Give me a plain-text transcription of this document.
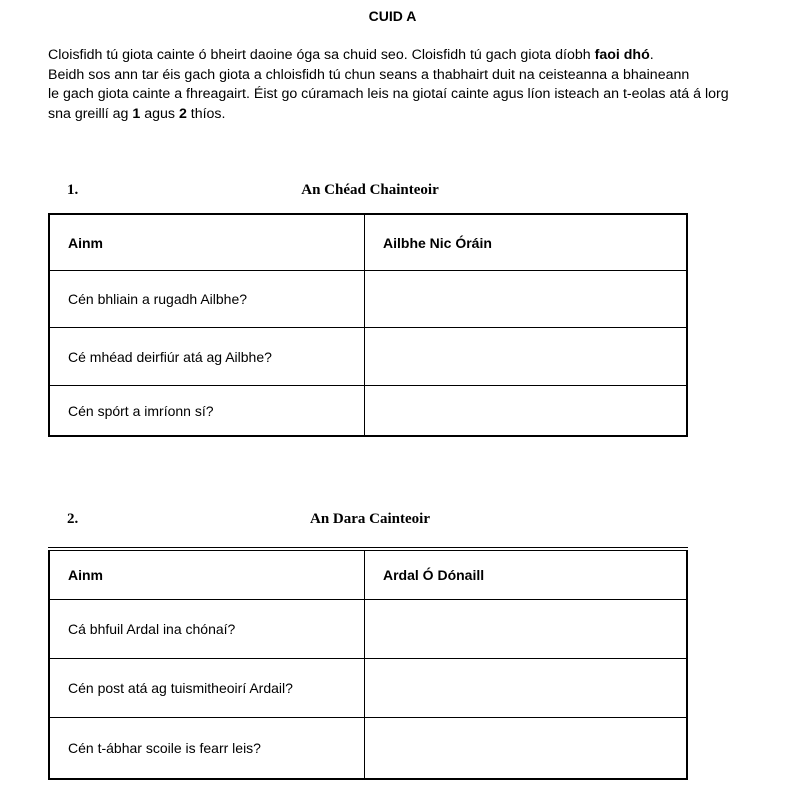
CUID A

Cloisfidh tú giota cainte ó bheirt daoine óga sa chuid seo. Cloisfidh tú gach giota díobh faoi dhó.

Beidh sos ann tar éis gach giota a chloisfidh tú chun seans a thabhairt duit na ceisteanna a bhaineann

le gach giota cainte a fhreagairt. Éist go cúramach leis na giotaí cainte agus líon isteach an t-eolas atá á lorg

sna greillí ag 1 agus 2 thíos.

1.	An Chéad Chainteoir
Ainm	Ailbhe Nic Óráin
Cén bhliain a rugadh Ailbhe?	
Cé mhéad deirfiúr atá ag Ailbhe?	
Cén spórt a imríonn sí?	
2.	An Dara Cainteoir
Ainm	Ardal Ó Dónaill
Cá bhfuil Ardal ina chónaí?	
Cén post atá ag tuismitheoirí Ardail?	
Cén t-ábhar scoile is fearr leis?	
